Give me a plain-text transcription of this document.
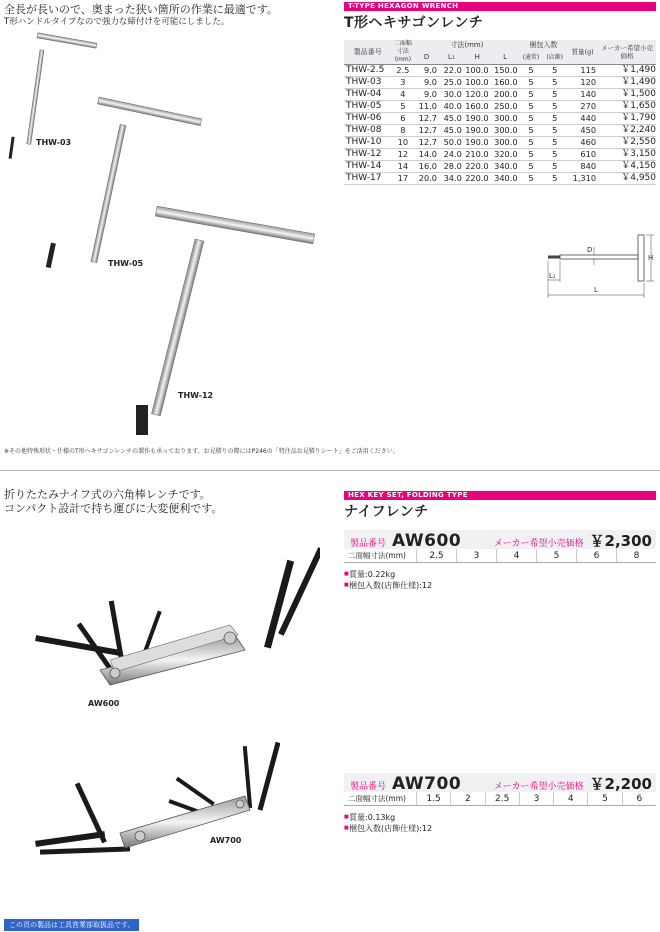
全長が長いので、奥まった狭い箇所の作業に最適です。
T形ハンドルタイプなので強力な締付けを可能にしました。
THW-03
THW-05
THW-12
T-TYPE HEXAGON WRENCH
T形ヘキサゴンレンチ
製品番号	二面幅寸法(mm)	寸法(mm)				梱包入数		質量(g)	メーカー希望小売価格
		D	L₁	H	L	(通常)	(店飾)		
THW-2.5	2.5	9.0	22.0	100.0	150.0	5	5	115	￥1,490
THW-03	3	9.0	25.0	100.0	160.0	5	5	120	￥1,490
THW-04	4	9.0	30.0	120.0	200.0	5	5	140	￥1,500
THW-05	5	11.0	40.0	160.0	250.0	5	5	270	￥1,650
THW-06	6	12.7	45.0	190.0	300.0	5	5	440	￥1,790
THW-08	8	12.7	45.0	190.0	300.0	5	5	450	￥2,240
THW-10	10	12.7	50.0	190.0	300.0	5	5	460	￥2,550
THW-12	12	14.0	24.0	210.0	320.0	5	5	610	￥3,150
THW-14	14	16.0	28.0	220.0	340.0	5	5	840	￥4,150
THW-17	17	20.0	34.0	220.0	340.0	5	5	1,310	￥4,950
D
H
L₁
L
※その他特殊形状・仕様のT形ヘキサゴンレンチの製作も承っております。お見積りの際にはP246の「特注品お見積りシート」をご活用ください。
折りたたみナイフ式の六角棒レンチです。
コンパクト設計で持ち運びに大変便利です。
HEX KEY SET, FOLDING TYPE
ナイフレンチ
製品番号 AW600	メーカー希望小売価格 ￥2,300
二面幅寸法(mm)	2.5	3	4	5	6	8
■ 質量:0.22kg
■ 梱包入数(店飾仕様):12
AW600
製品番号 AW700	メーカー希望小売価格 ￥2,200
二面幅寸法(mm)	1.5	2	2.5	3	4	5	6
■ 質量:0.13kg
■ 梱包入数(店飾仕様):12
AW700
この頁の製品は工具営業部取扱品です。
